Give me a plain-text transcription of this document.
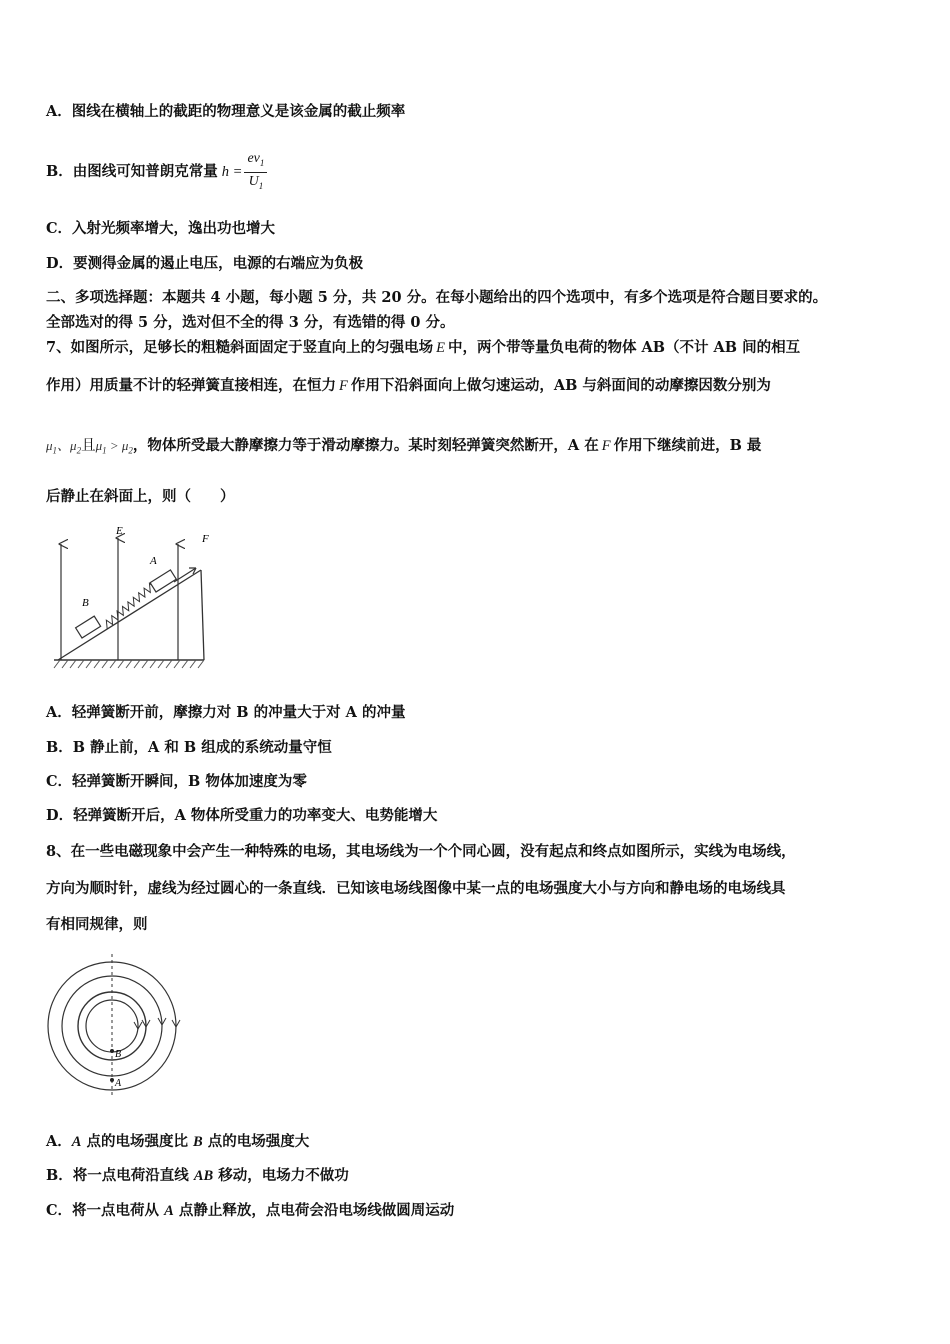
A．图线在横轴上的截距的物理意义是该金属的截止频率
B．由图线可知普朗克常量 $h = \frac{ev_1}{U_1}$
C．入射光频率增大，逸出功也增大
D．要测得金属的遏止电压，电源的右端应为负极
二、多项选择题：本题共 4 小题，每小题 5 分，共 20 分。在每小题给出的四个选项中，有多个选项是符合题目要求的。
全部选对的得 5 分，选对但不全的得 3 分，有选错的得 0 分。
7、如图所示，足够长的粗糙斜面固定于竖直向上的匀强电场 E 中，两个带等量负电荷的物体 AB（不计 AB 间的相互
作用）用质量不计的轻弹簧直接相连，在恒力 F 作用下沿斜面向上做匀速运动，AB 与斜面间的动摩擦因数分别为
$\mu_1$、$\mu_2$且$\mu_1 > \mu_2$，物体所受最大静摩擦力等于滑动摩擦力。某时刻轻弹簧突然断开，A 在 F 作用下继续前进，B 最
后静止在斜面上，则（　　）
E
F
A
B
A．轻弹簧断开前，摩擦力对 B 的冲量大于对 A 的冲量
B．B 静止前，A 和 B 组成的系统动量守恒
C．轻弹簧断开瞬间，B 物体加速度为零
D．轻弹簧断开后，A 物体所受重力的功率变大、电势能增大
8、在一些电磁现象中会产生一种特殊的电场，其电场线为一个个同心圆，没有起点和终点如图所示，实线为电场线，
方向为顺时针，虚线为经过圆心的一条直线．已知该电场线图像中某一点的电场强度大小与方向和静电场的电场线具
有相同规律，则
B
A
A．A 点的电场强度比 B 点的电场强度大
B．将一点电荷沿直线 AB 移动，电场力不做功
C．将一点电荷从 A 点静止释放，点电荷会沿电场线做圆周运动
